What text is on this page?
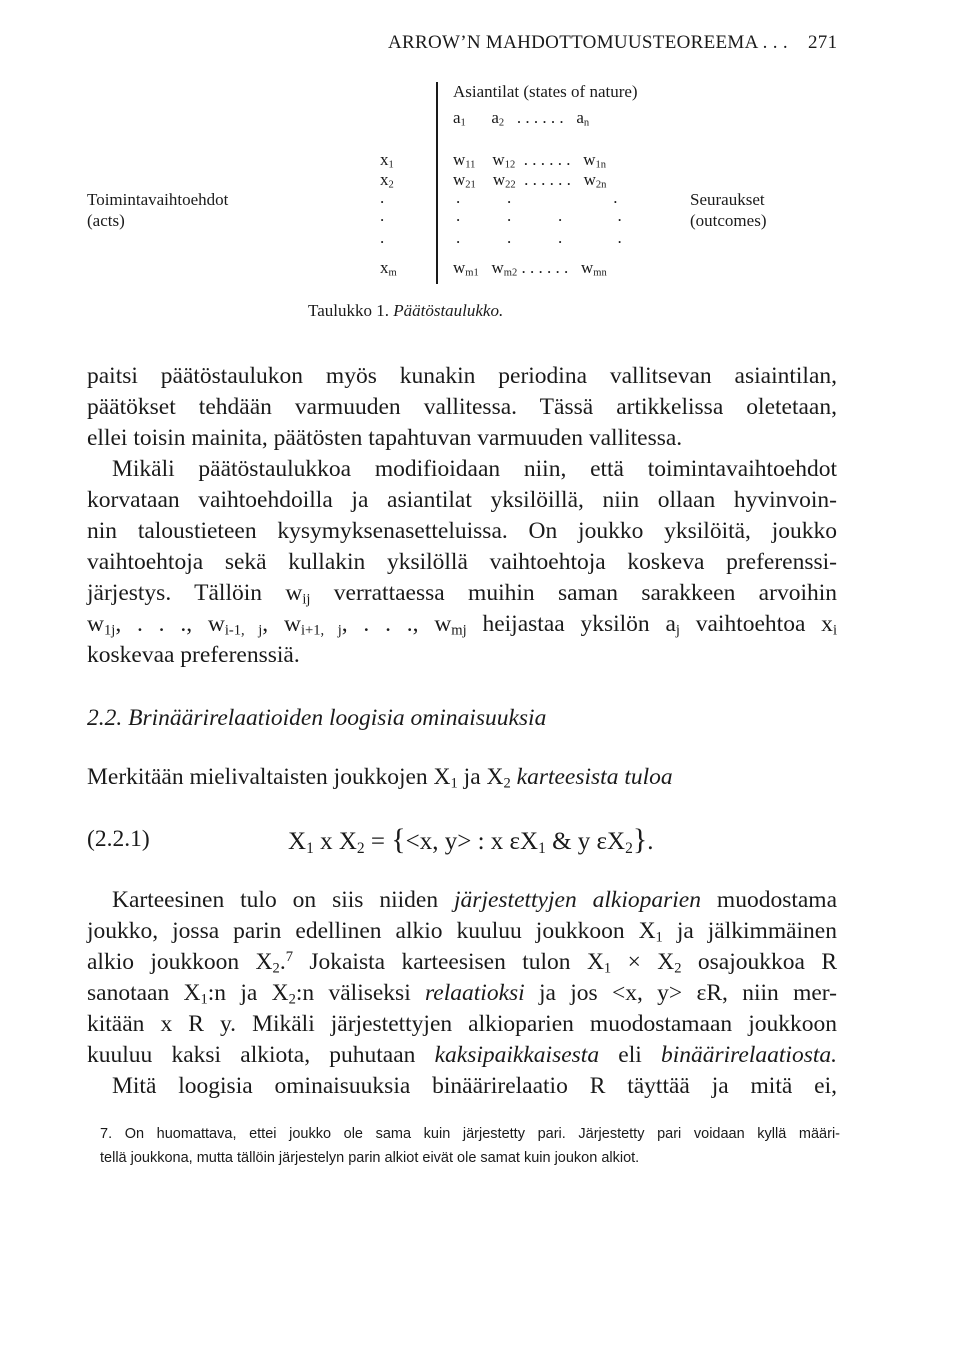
ARROW’N MAHDOTTOMUUSTEOREEMA . . . 271
Asiantilat (states of nature)
$a_1$      $a_2$   . . . . . .   $a_n$
$x_1$
$x_2$
.
.
.
$x_m$
$w_{11}$    $w_{12}$  . . . . . .   $w_{1n}$
$w_{21}$    $w_{22}$  . . . . . .   $w_{2n}$
.           .                        .
.           .           .             .
.           .           .             .
$w_{m1}$   $w_{m2}$ . . . . . .   $w_{mn}$
Toimintavaihtoehdot
(acts)
Seuraukset
(outcomes)
Taulukko 1. Päätöstaulukko.
paitsi päätöstaulukon myös kunakin periodina vallitsevan asiaintilan,
päätökset tehdään varmuuden vallitessa. Tässä artikkelissa oletetaan,
ellei toisin mainita, päätösten tapahtuvan varmuuden vallitessa.
Mikäli päätöstaulukkoa modifioidaan niin, että toimintavaihtoehdot
korvataan vaihtoehdoilla ja asiantilat yksilöillä, niin ollaan hyvinvoin-
nin taloustieteen kysymyksenasetteluissa. On joukko yksilöitä, joukko
vaihtoehtoja sekä kullakin yksilöllä vaihtoehtoja koskeva preferenssi-
järjestys. Tällöin $w_{ij}$ verrattaessa muihin saman sarakkeen arvoihin
$w_{1j}$, . . ., $w_{i-1, j}$, $w_{i+1, j}$, . . ., $w_{mj}$ heijastaa yksilön $a_j$ vaihtoehtoa $x_i$
koskevaa preferenssiä.
2.2. Brinäärirelaatioiden loogisia ominaisuuksia
Merkitään mielivaltaisten joukkojen $X_1$ ja $X_2$ karteesista tuloa
(2.2.1)	$X_1$ x $X_2 = \{<x$, y> : x $\varepsilon X_1$ & y $\varepsilon X_2$}.
Karteesinen tulo on siis niiden järjestettyjen alkioparien muodostama
joukko, jossa parin edellinen alkio kuuluu joukkoon $X_1$ ja jälkimmäinen
alkio joukkoon $X_2.^7$ Jokaista karteesisen tulon $X_1 \times X_2$ osajoukkoa R
sanotaan $X_1:n$ ja $X_2:n$ väliseksi relaatioksi ja jos <x, y> εR, niin mer-
kitään x R y. Mikäli järjestettyjen alkioparien muodostamaan joukkoon
kuuluu kaksi alkiota, puhutaan kaksipaikkaisesta eli binäärirelaatiosta.
Mitä loogisia ominaisuuksia binäärirelaatio R täyttää ja mitä ei,
7. On huomattava, ettei joukko ole sama kuin järjestetty pari. Järjestetty pari voidaan kyllä määri-
tellä joukkona, mutta tällöin järjestelyn parin alkiot eivät ole samat kuin joukon alkiot.
